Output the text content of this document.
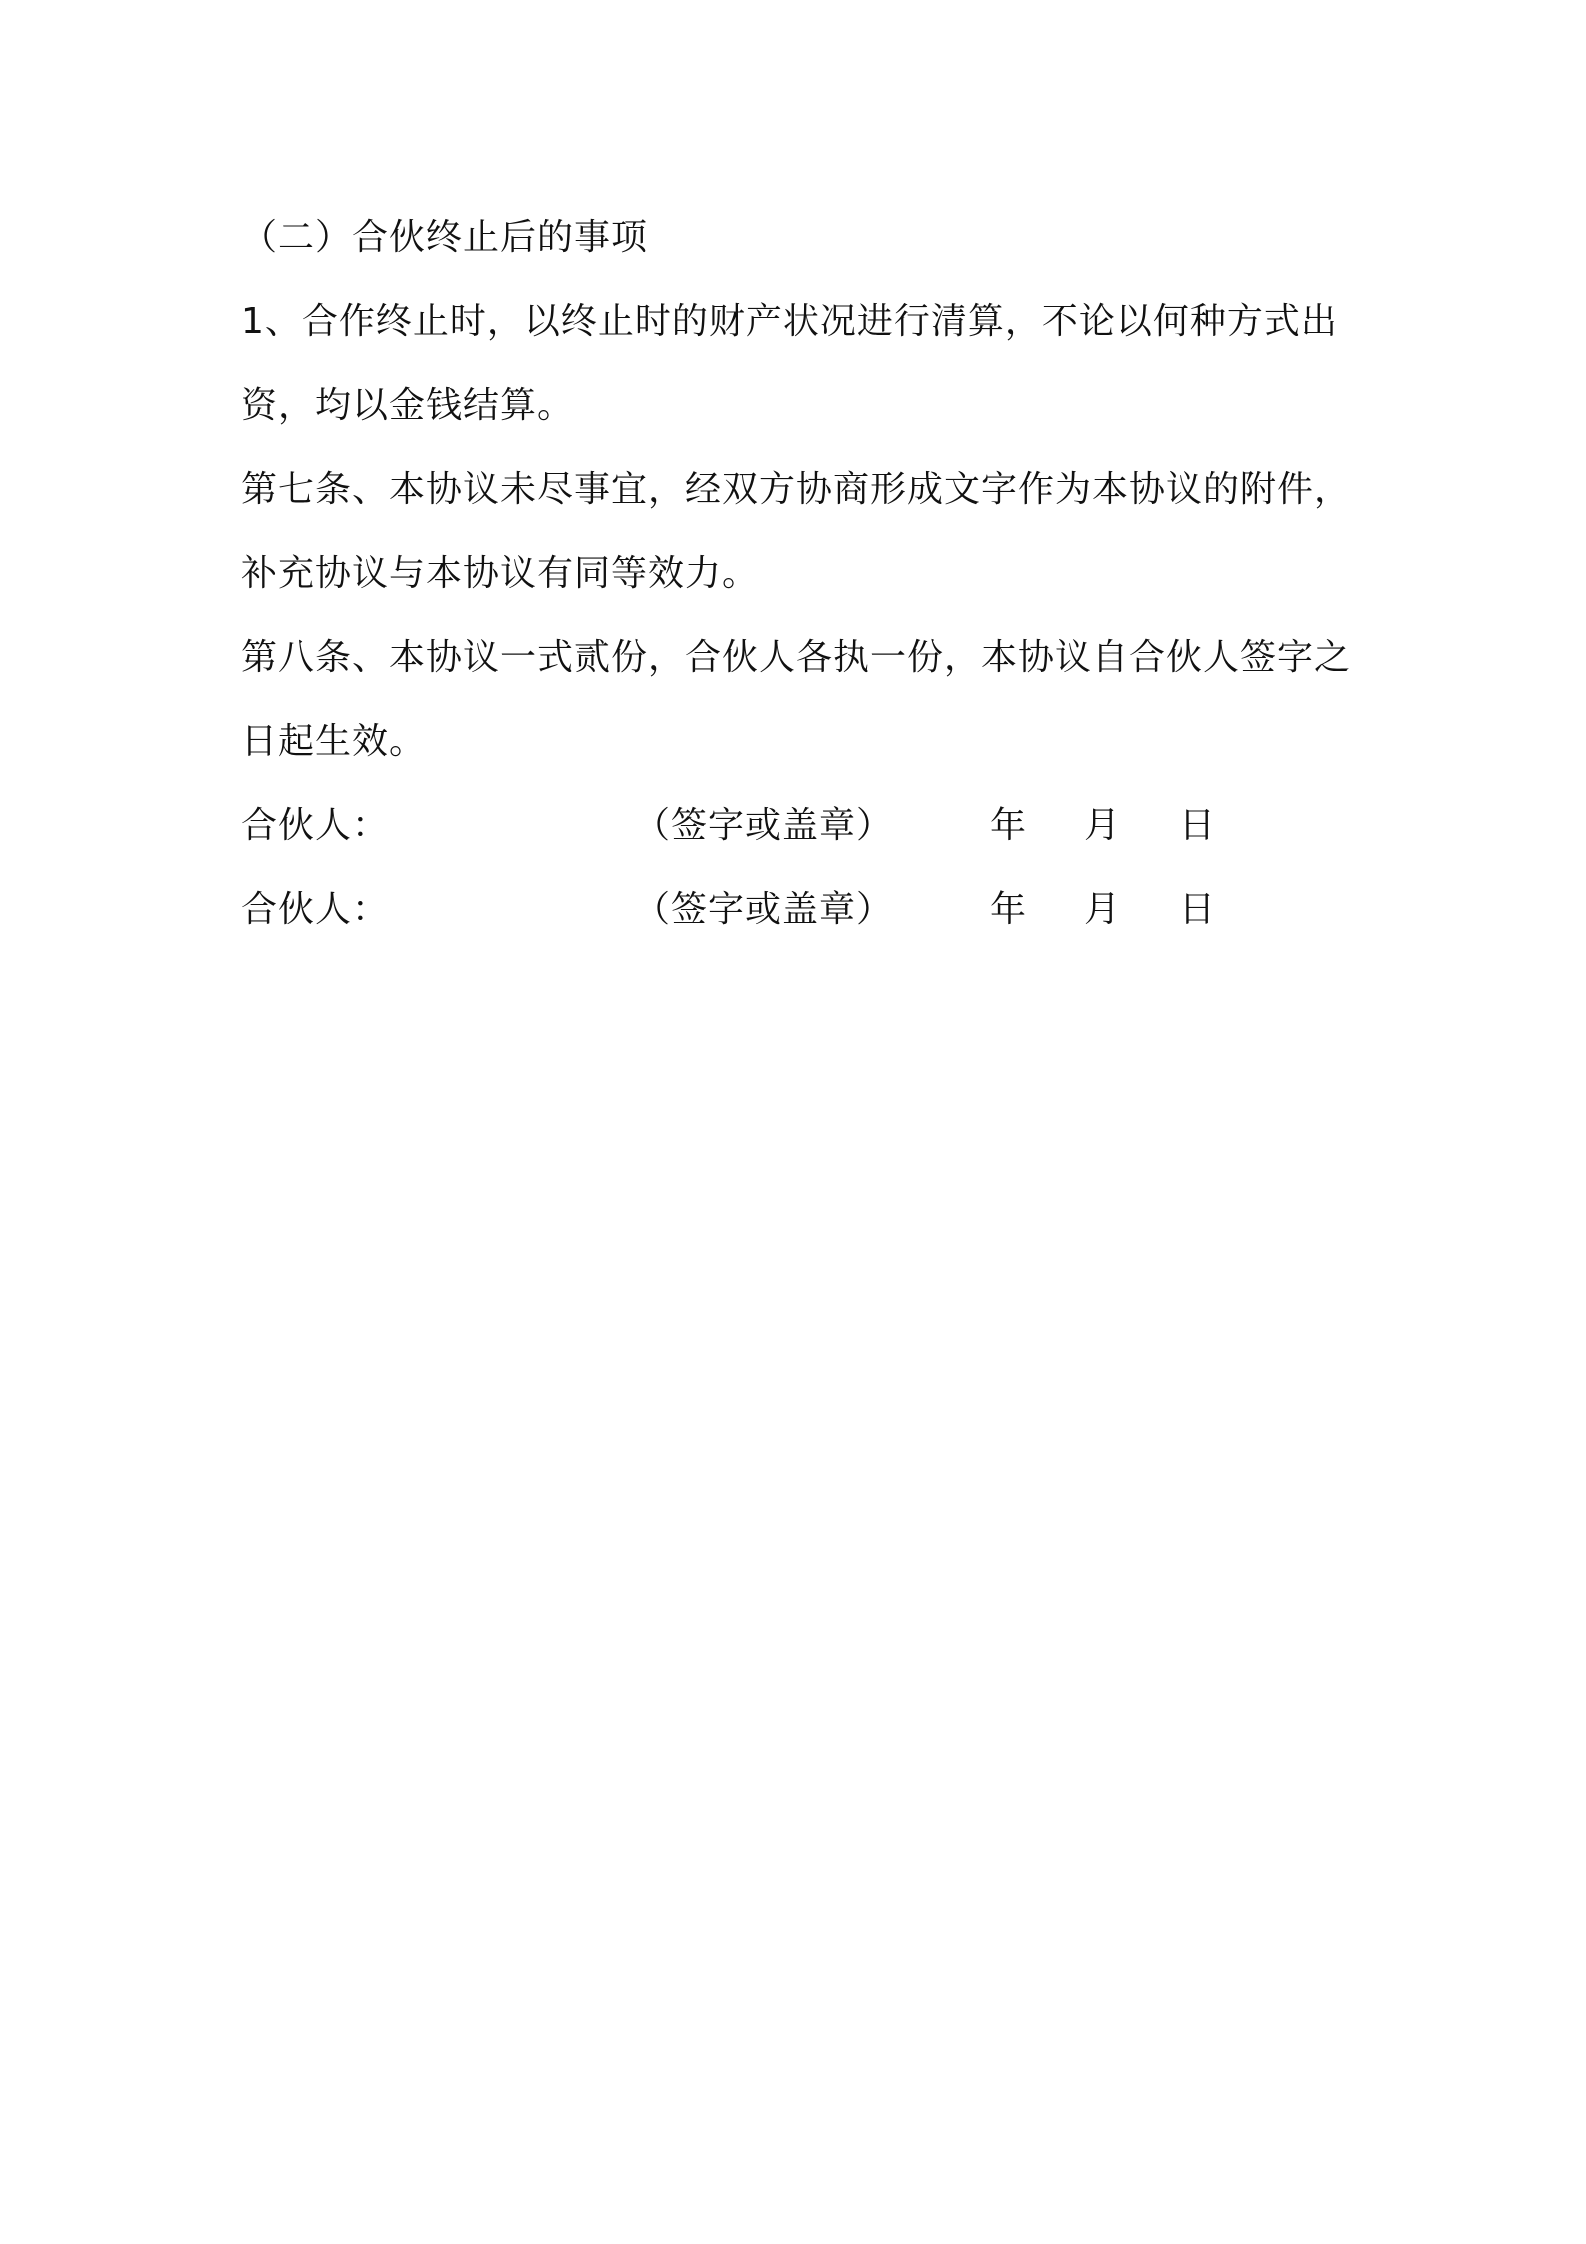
（二）合伙终止后的事项
1、合作终止时，以终止时的财产状况进行清算，不论以何种方式出
资，均以金钱结算。
第七条、本协议未尽事宜，经双方协商形成文字作为本协议的附件，
补充协议与本协议有同等效力。
第八条、本协议一式贰份，合伙人各执一份，本协议自合伙人签字之
日起生效。
合伙人：	（签字或盖章）	年 月 日
合伙人：	（签字或盖章）	年 月 日
